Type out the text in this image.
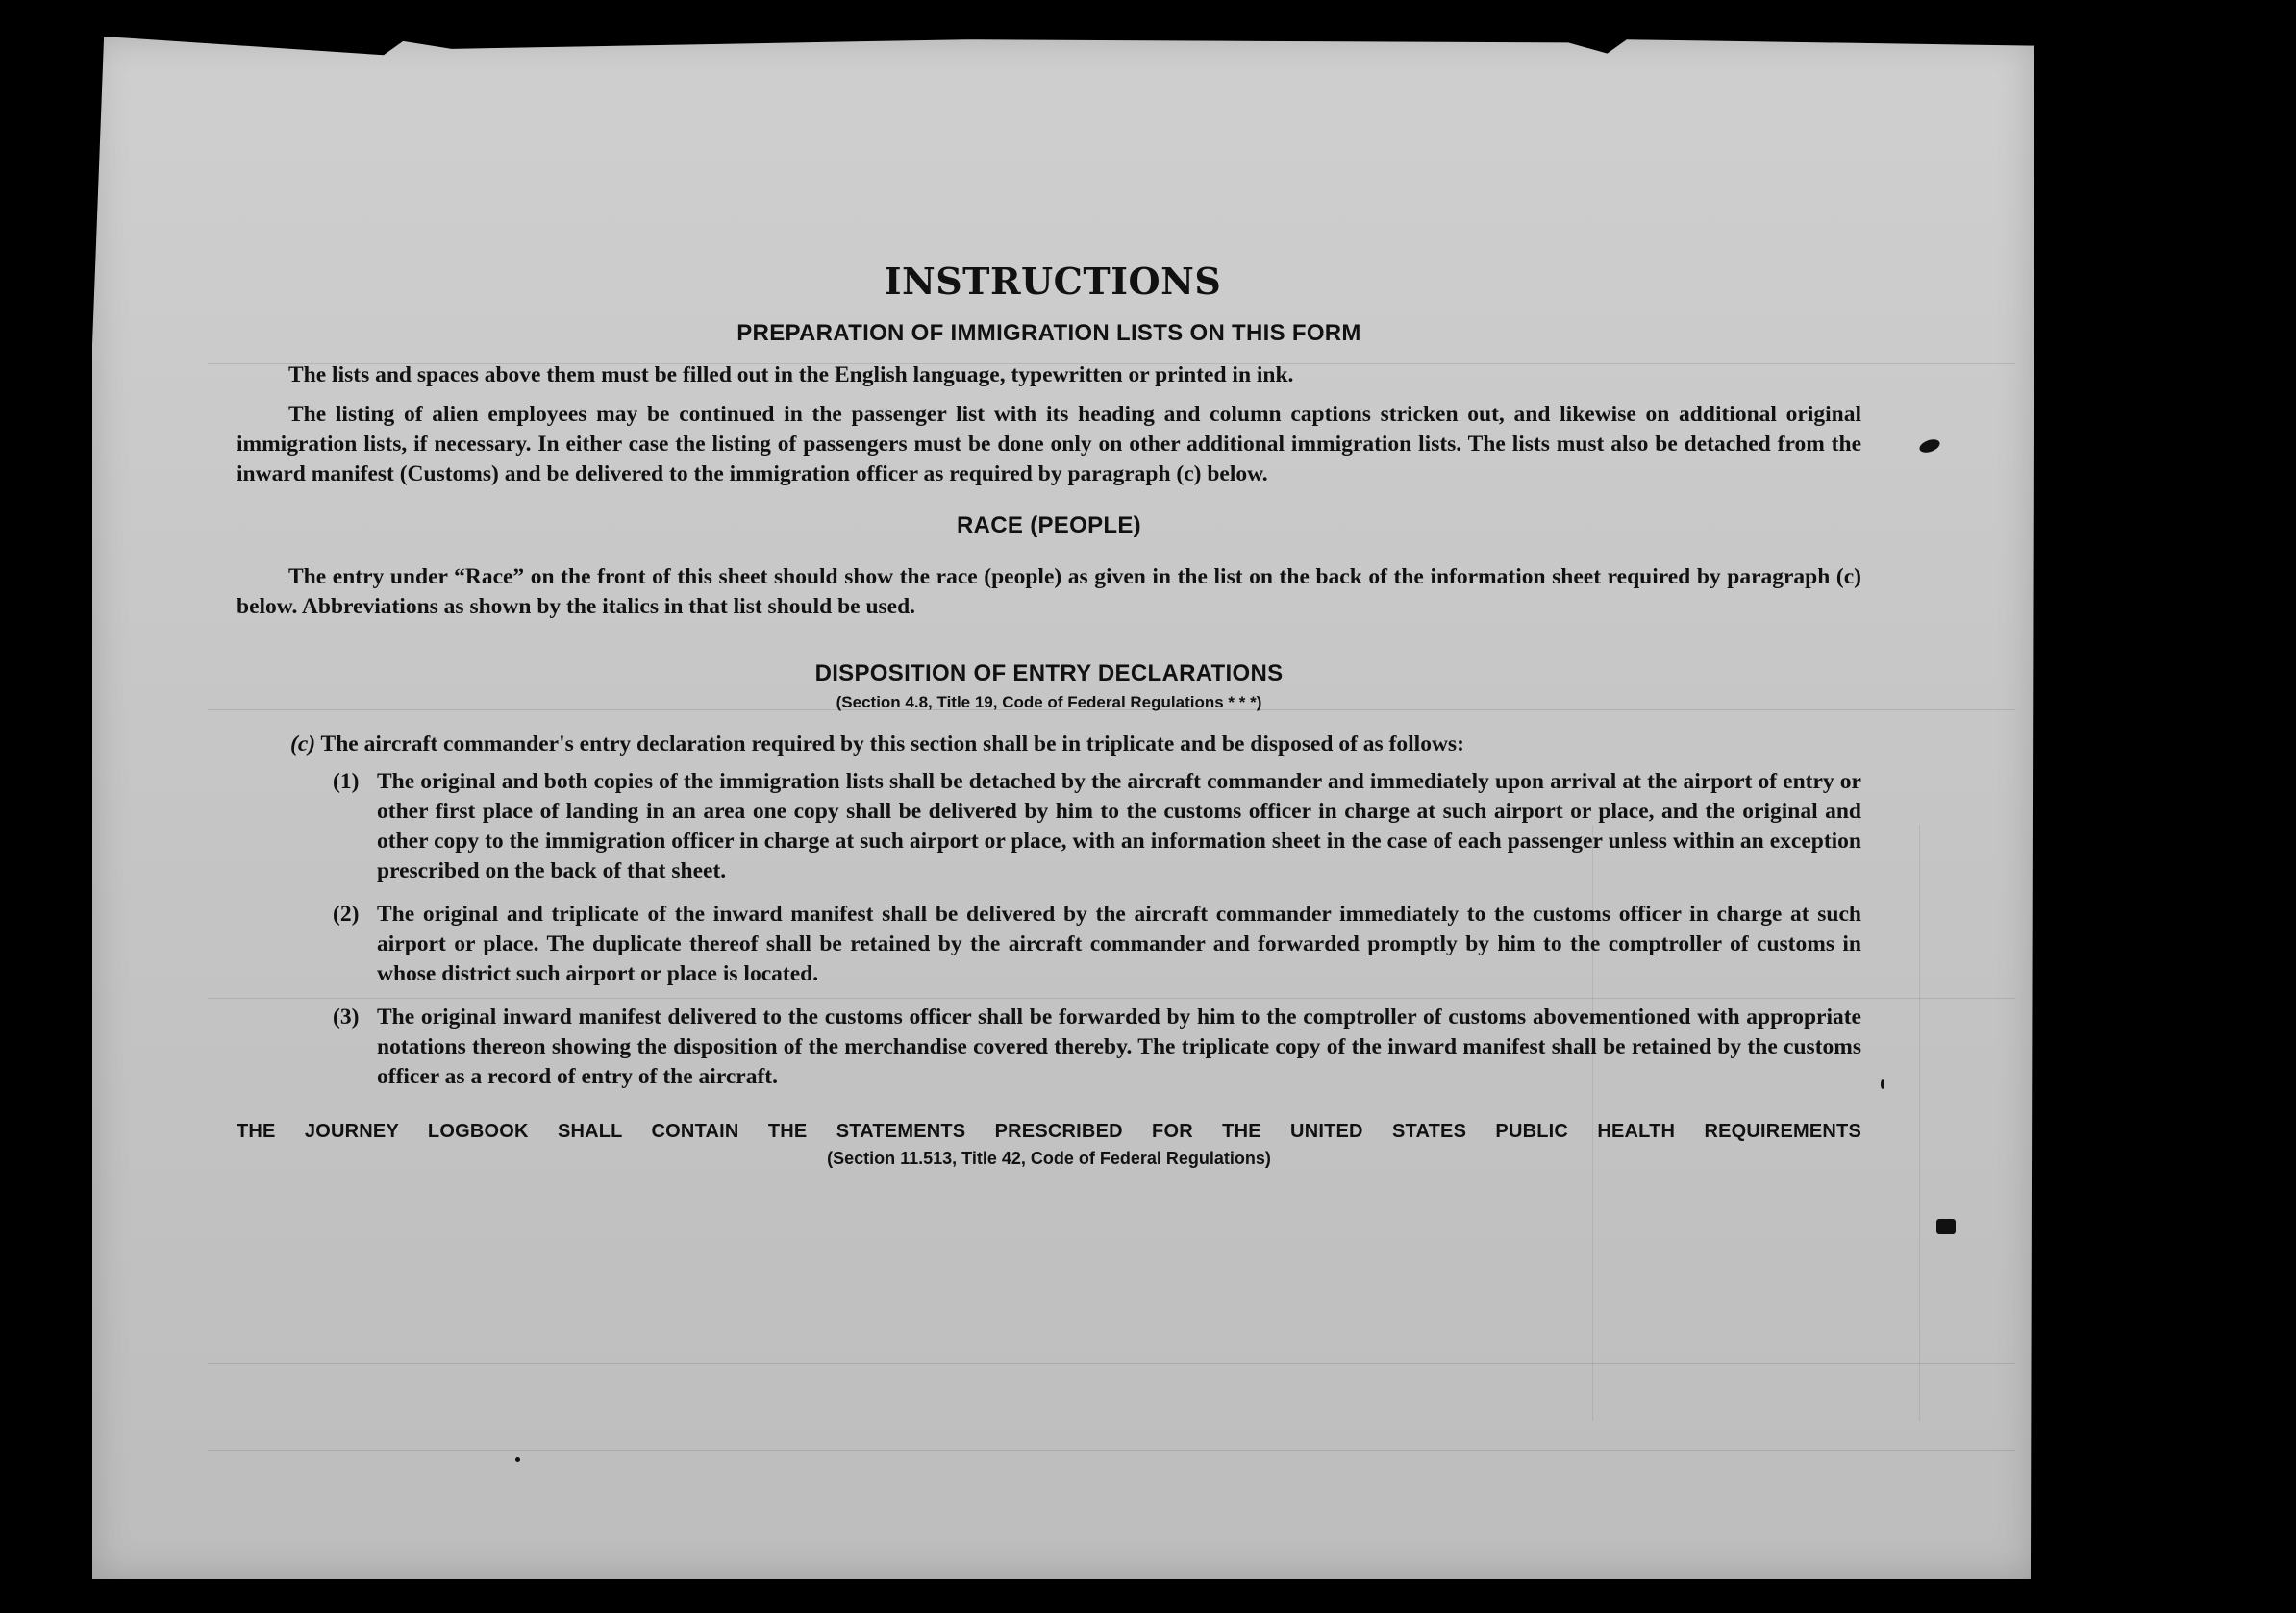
INSTRUCTIONS
PREPARATION OF IMMIGRATION LISTS ON THIS FORM

The lists and spaces above them must be filled out in the English language, typewritten or printed in ink.

The listing of alien employees may be continued in the passenger list with its heading and column captions stricken out, and likewise on additional original immigration lists, if necessary. In either case the listing of passengers must be done only on other additional immigration lists. The lists must also be detached from the inward manifest (Customs) and be delivered to the immigration officer as required by paragraph (c) below.

RACE (PEOPLE)

The entry under “Race” on the front of this sheet should show the race (people) as given in the list on the back of the information sheet required by paragraph (c) below. Abbreviations as shown by the italics in that list should be used.

DISPOSITION OF ENTRY DECLARATIONS
(Section 4.8, Title 19, Code of Federal Regulations * * *)
(c) The aircraft commander's entry declaration required by this section shall be in triplicate and be disposed of as follows:
(1) The original and both copies of the immigration lists shall be detached by the aircraft commander and immediately upon arrival at the airport of entry or other first place of landing in an area one copy shall be delivered by him to the customs officer in charge at such airport or place, and the original and other copy to the immigration officer in charge at such airport or place, with an information sheet in the case of each passenger unless within an exception prescribed on the back of that sheet.
(2) The original and triplicate of the inward manifest shall be delivered by the aircraft commander immediately to the customs officer in charge at such airport or place. The duplicate thereof shall be retained by the aircraft commander and forwarded promptly by him to the comptroller of customs in whose district such airport or place is located.
(3) The original inward manifest delivered to the customs officer shall be forwarded by him to the comptroller of customs abovementioned with appropriate notations thereon showing the disposition of the merchandise covered thereby. The triplicate copy of the inward manifest shall be retained by the customs officer as a record of entry of the aircraft.
THE JOURNEY LOGBOOK SHALL CONTAIN THE STATEMENTS PRESCRIBED FOR THE UNITED STATES PUBLIC HEALTH REQUIREMENTS
(Section 11.513, Title 42, Code of Federal Regulations)
